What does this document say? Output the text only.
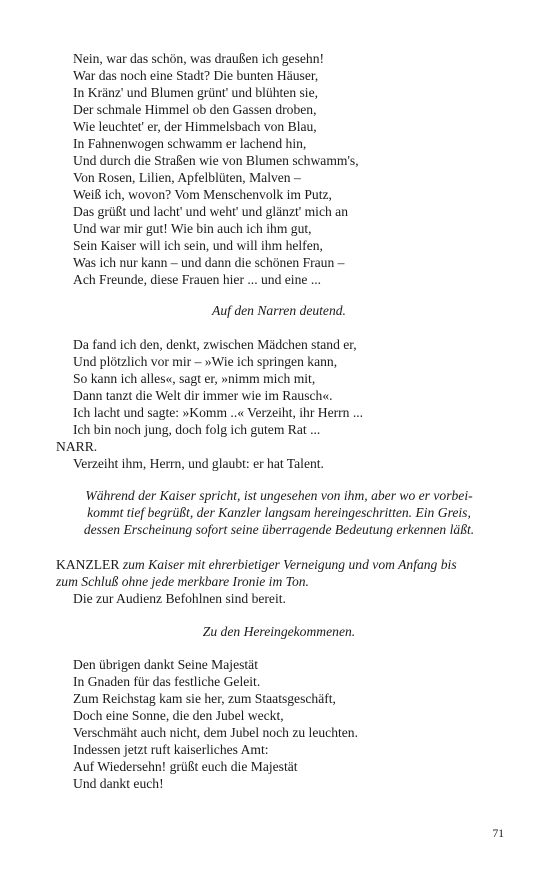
Nein, war das schön, was draußen ich gesehn!
War das noch eine Stadt? Die bunten Häuser,
In Kränz' und Blumen grünt' und blühten sie,
Der schmale Himmel ob den Gassen droben,
Wie leuchtet' er, der Himmelsbach von Blau,
In Fahnenwogen schwamm er lachend hin,
Und durch die Straßen wie von Blumen schwamm's,
Von Rosen, Lilien, Apfelblüten, Malven –
Weiß ich, wovon? Vom Menschenvolk im Putz,
Das grüßt und lacht' und weht' und glänzt' mich an
Und war mir gut! Wie bin auch ich ihm gut,
Sein Kaiser will ich sein, und will ihm helfen,
Was ich nur kann – und dann die schönen Fraun –
Ach Freunde, diese Frauen hier ... und eine ...
Auf den Narren deutend.
Da fand ich den, denkt, zwischen Mädchen stand er,
Und plötzlich vor mir – »Wie ich springen kann,
So kann ich alles«, sagt er, »nimm mich mit,
Dann tanzt die Welt dir immer wie im Rausch«.
Ich lacht und sagte: »Komm ..« Verzeiht, ihr Herrn ...
Ich bin noch jung, doch folg ich gutem Rat ...
NARR.
Verzeiht ihm, Herrn, und glaubt: er hat Talent.
Während der Kaiser spricht, ist ungesehen von ihm, aber wo er vorbei-
kommt tief begrüßt, der Kanzler langsam hereingeschritten. Ein Greis,
dessen Erscheinung sofort seine überragende Bedeutung erkennen läßt.
KANZLER zum Kaiser mit ehrerbietiger Verneigung und vom Anfang bis
zum Schluß ohne jede merkbare Ironie im Ton.
Die zur Audienz Befohlnen sind bereit.
Zu den Hereingekommenen.
Den übrigen dankt Seine Majestät
In Gnaden für das festliche Geleit.
Zum Reichstag kam sie her, zum Staatsgeschäft,
Doch eine Sonne, die den Jubel weckt,
Verschmäht auch nicht, dem Jubel noch zu leuchten.
Indessen jetzt ruft kaiserliches Amt:
Auf Wiedersehn! grüßt euch die Majestät
Und dankt euch!
71
